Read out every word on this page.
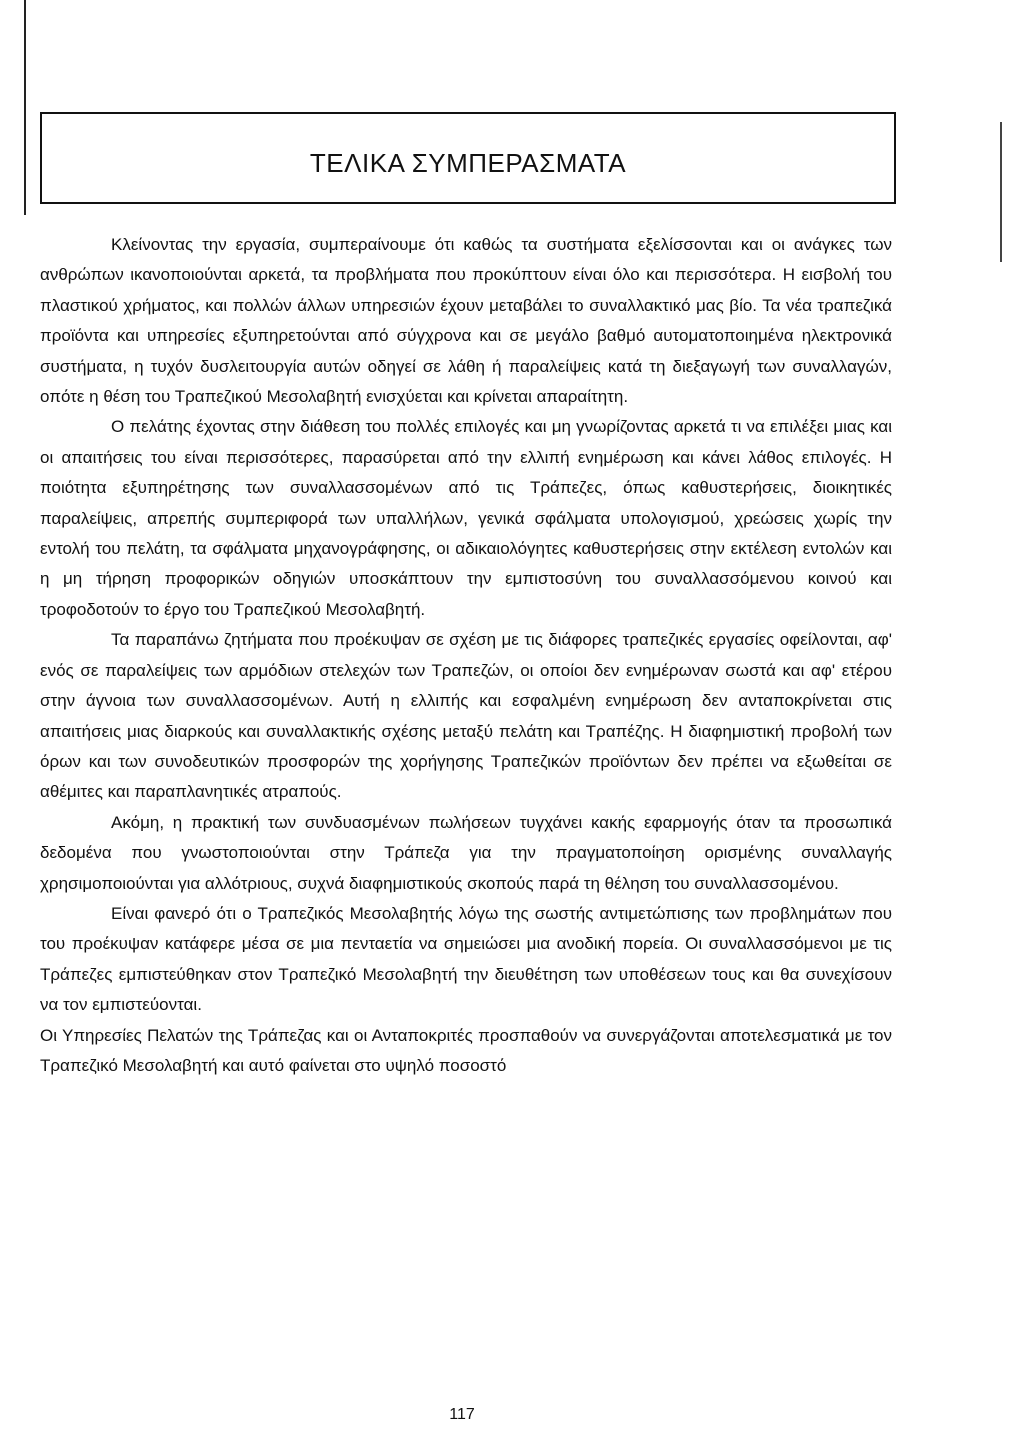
ΤΕΛΙΚΑ ΣΥΜΠΕΡΑΣΜΑΤΑ

Κλείνοντας την εργασία, συμπεραίνουμε ότι καθώς τα συστήματα εξελίσσονται και οι ανάγκες των ανθρώπων ικανοποιούνται αρκετά, τα προβλήματα που προκύπτουν είναι όλο και περισσότερα. Η εισβολή του πλαστικού χρήματος, και πολλών άλλων υπηρεσιών έχουν μεταβάλει το συναλλακτικό μας βίο. Τα νέα τραπεζικά προϊόντα και υπηρεσίες εξυπηρετούνται από σύγχρονα και σε μεγάλο βαθμό αυτοματοποιημένα ηλεκτρονικά συστήματα, η τυχόν δυσλειτουργία αυτών οδηγεί σε λάθη ή παραλείψεις κατά τη διεξαγωγή των συναλλαγών, οπότε η θέση του Τραπεζικού Μεσολαβητή ενισχύεται και κρίνεται απαραίτητη.

Ο πελάτης έχοντας στην διάθεση του πολλές επιλογές και μη γνωρίζοντας αρκετά τι να επιλέξει μιας και οι απαιτήσεις του είναι περισσότερες, παρασύρεται από την ελλιπή ενημέρωση και κάνει λάθος επιλογές. Η ποιότητα εξυπηρέτησης των συναλλασσομένων από τις Τράπεζες, όπως καθυστερήσεις, διοικητικές παραλείψεις, απρεπής συμπεριφορά των υπαλλήλων, γενικά σφάλματα υπολογισμού, χρεώσεις χωρίς την εντολή του πελάτη, τα σφάλματα μηχανογράφησης, οι αδικαιολόγητες καθυστερήσεις στην εκτέλεση εντολών και η μη τήρηση προφορικών οδηγιών υποσκάπτουν την εμπιστοσύνη του συναλλασσόμενου κοινού και τροφοδοτούν το έργο του Τραπεζικού Μεσολαβητή.

Τα παραπάνω ζητήματα που προέκυψαν σε σχέση με τις διάφορες τραπεζικές εργασίες οφείλονται, αφ' ενός σε παραλείψεις των αρμόδιων στελεχών των Τραπεζών, οι οποίοι δεν ενημέρωναν σωστά και αφ' ετέρου στην άγνοια των συναλλασσομένων. Αυτή η ελλιπής και εσφαλμένη ενημέρωση δεν ανταποκρίνεται στις απαιτήσεις μιας διαρκούς και συναλλακτικής σχέσης μεταξύ πελάτη και Τραπέζης. Η διαφημιστική προβολή των όρων και των συνοδευτικών προσφορών της χορήγησης Τραπεζικών προϊόντων δεν πρέπει να εξωθείται σε αθέμιτες και παραπλανητικές ατραπούς.

Ακόμη, η πρακτική των συνδυασμένων πωλήσεων τυγχάνει κακής εφαρμογής όταν τα προσωπικά δεδομένα που γνωστοποιούνται στην Τράπεζα για την πραγματοποίηση ορισμένης συναλλαγής χρησιμοποιούνται για αλλότριους, συχνά διαφημιστικούς σκοπούς παρά τη θέληση του συναλλασσομένου.

Είναι φανερό ότι ο Τραπεζικός Μεσολαβητής λόγω της σωστής αντιμετώπισης των προβλημάτων που του προέκυψαν κατάφερε μέσα σε μια πενταετία να σημειώσει μια ανοδική πορεία. Οι συναλλασσόμενοι με τις Τράπεζες εμπιστεύθηκαν στον Τραπεζικό Μεσολαβητή την διευθέτηση των υποθέσεων τους και θα συνεχίσουν να τον εμπιστεύονται.

Οι Υπηρεσίες Πελατών της Τράπεζας και οι Ανταποκριτές προσπαθούν να συνεργάζονται αποτελεσματικά με τον Τραπεζικό Μεσολαβητή και αυτό φαίνεται στο υψηλό ποσοστό

117
